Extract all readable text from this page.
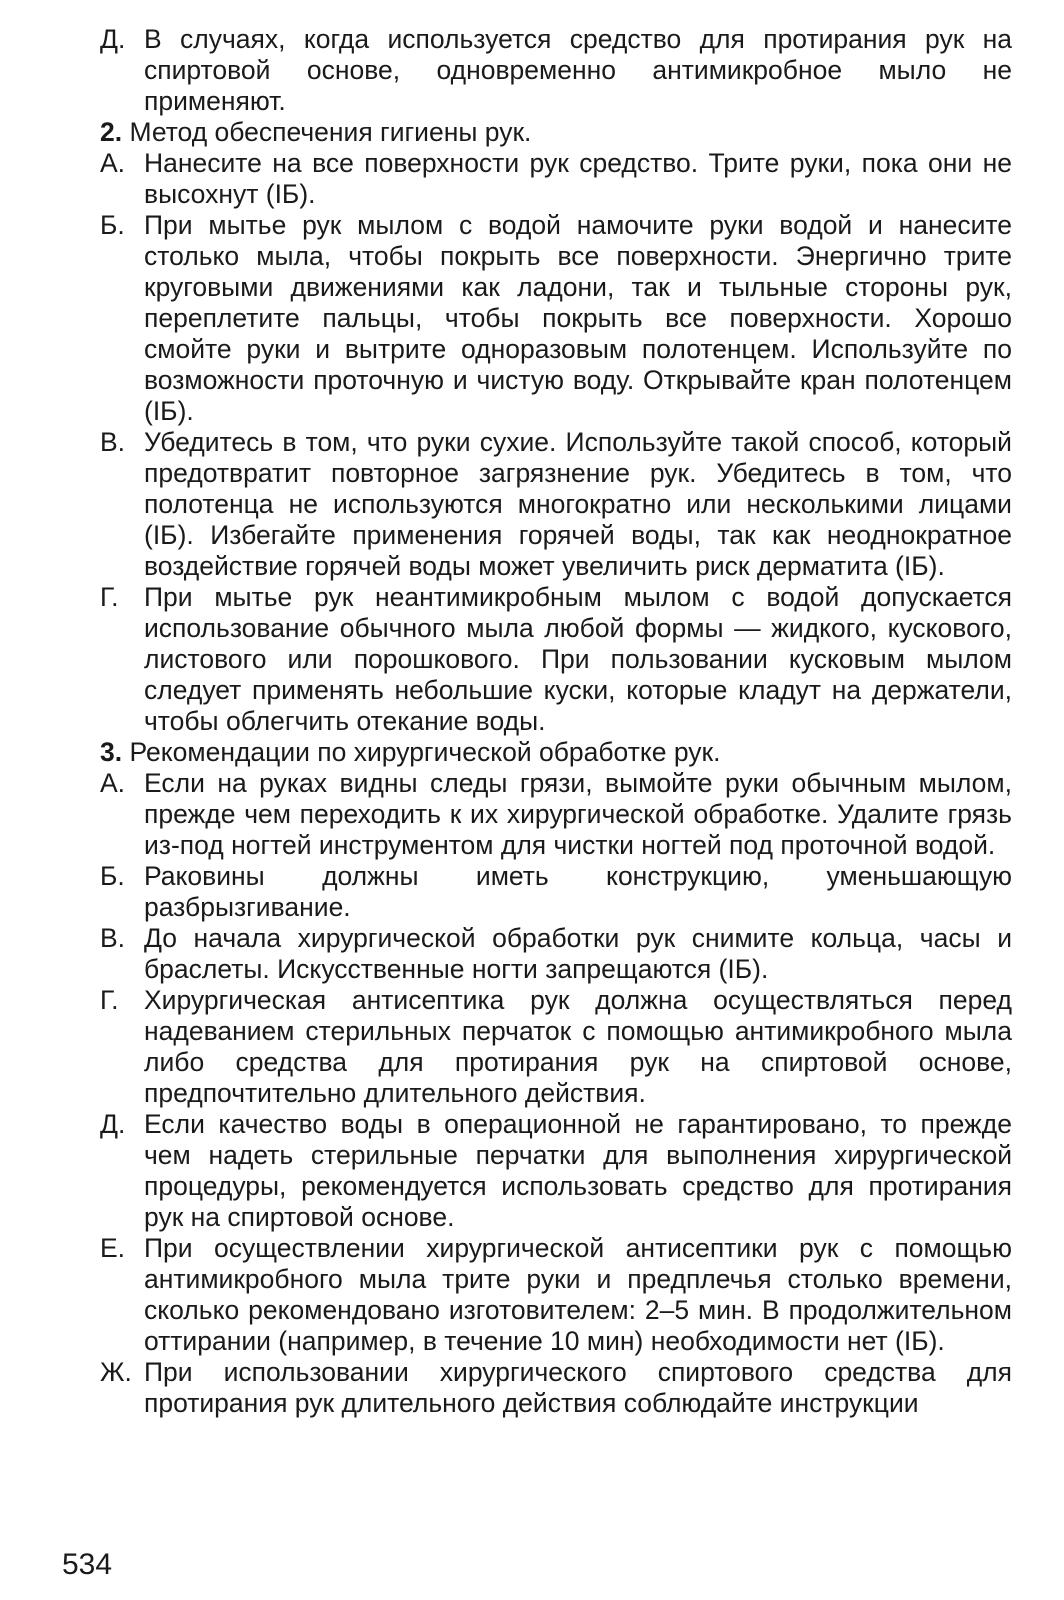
Д. В случаях, когда используется средство для протирания рук на спиртовой основе, одновременно антимикробное мыло не применяют.

2. Метод обеспечения гигиены рук.

А. Нанесите на все поверхности рук средство. Трите руки, пока они не высохнут (IБ).

Б. При мытье рук мылом с водой намочите руки водой и нанесите столько мыла, чтобы покрыть все поверхности. Энергично трите круговыми движениями как ладони, так и тыльные стороны рук, переплетите пальцы, чтобы покрыть все поверхности. Хорошо смойте руки и вытрите одноразовым полотенцем. Используйте по возможности проточную и чистую воду. Открывайте кран полотенцем (IБ).

В. Убедитесь в том, что руки сухие. Используйте такой способ, который предотвратит повторное загрязнение рук. Убедитесь в том, что полотенца не используются многократно или несколькими лицами (IБ). Избегайте применения горячей воды, так как неоднократное воздействие горячей воды может увеличить риск дерматита (IБ).

Г. При мытье рук неантимикробным мылом с водой допускается использование обычного мыла любой формы — жидкого, кускового, листового или порошкового. При пользовании кусковым мылом следует применять небольшие куски, которые кладут на держатели, чтобы облегчить отекание воды.

3. Рекомендации по хирургической обработке рук.

А. Если на руках видны следы грязи, вымойте руки обычным мылом, прежде чем переходить к их хирургической обработке. Удалите грязь из-под ногтей инструментом для чистки ногтей под проточной водой.

Б. Раковины должны иметь конструкцию, уменьшающую разбрызгивание.

В. До начала хирургической обработки рук снимите кольца, часы и браслеты. Искусственные ногти запрещаются (IБ).

Г. Хирургическая антисептика рук должна осуществляться перед надеванием стерильных перчаток с помощью антимикробного мыла либо средства для протирания рук на спиртовой основе, предпочтительно длительного действия.

Д. Если качество воды в операционной не гарантировано, то прежде чем надеть стерильные перчатки для выполнения хирургической процедуры, рекомендуется использовать средство для протирания рук на спиртовой основе.

Е. При осуществлении хирургической антисептики рук с помощью антимикробного мыла трите руки и предплечья столько времени, сколько рекомендовано изготовителем: 2–5 мин. В продолжительном оттирании (например, в течение 10 мин) необходимости нет (IБ).

Ж. При использовании хирургического спиртового средства для протирания рук длительного действия соблюдайте инструкции

534
